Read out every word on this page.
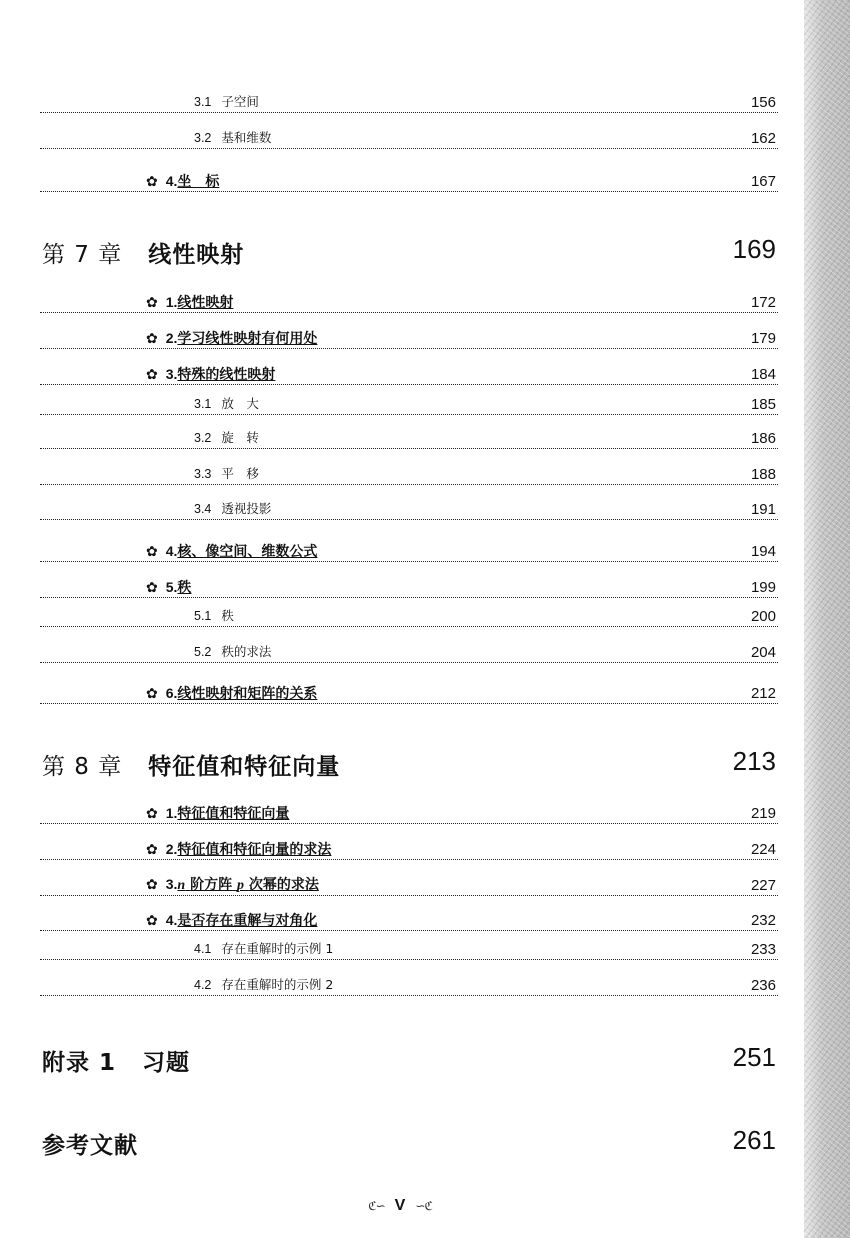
3.1 子空间	156
3.2 基和维数	162
✿ 4.坐　标	167
第 7 章 线性映射	169
✿ 1.线性映射	172
✿ 2.学习线性映射有何用处	179
✿ 3.特殊的线性映射	184
3.1 放　大	185
3.2 旋　转	186
3.3 平　移	188
3.4 透视投影	191
✿ 4.核、像空间、维数公式	194
✿ 5.秩	199
5.1 秩	200
5.2 秩的求法	204
✿ 6.线性映射和矩阵的关系	212
第 8 章 特征值和特征向量	213
✿ 1.特征值和特征向量	219
✿ 2.特征值和特征向量的求法	224
✿ 3.n 阶方阵 p 次幂的求法	227
✿ 4.是否存在重解与对角化	232
4.1 存在重解时的示例 1	233
4.2 存在重解时的示例 2	236
附录 1 习题	251
参考文献	261
ℭ∽ V ∽ℭ
